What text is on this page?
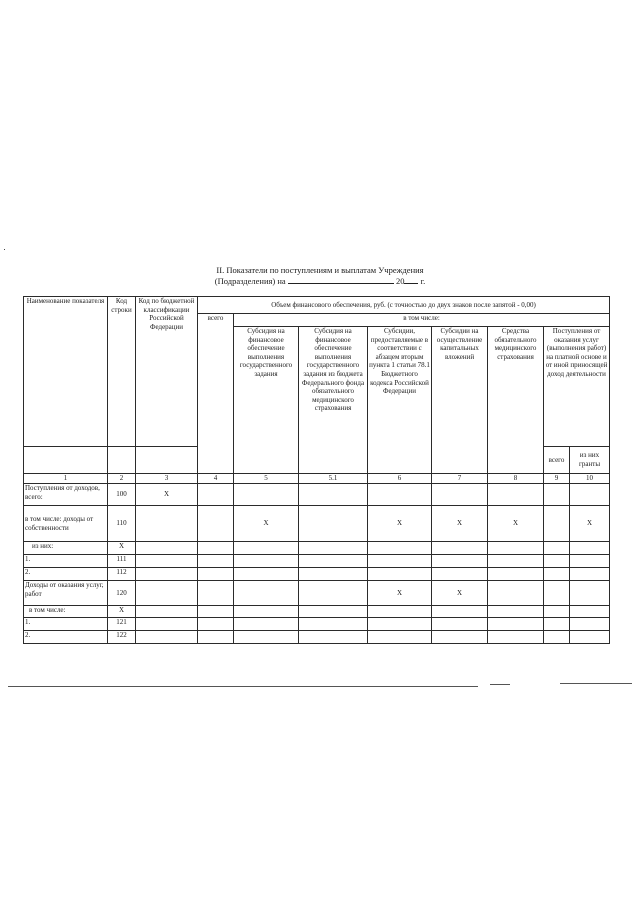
II. Показатели по поступлениям и выплатам Учреждения
(Подразделения) на	20 г.
Наименование показателя	Код строки	Код по бюджетной классификации Российской Федерации	Объем финансового обеспечения, руб. (с точностью до двух знаков после запятой - 0,00)							
			всего	в том числе:						
				Субсидия на финансовое обеспечение выполнения государственного задания	Субсидия на финансовое обеспечение выполнения государственного задания из бюджета Федерального фонда обязательного медицинского страхования	Субсидии, предоставляемые в соответствии с абзацем вторым пункта 1 статьи 78.1 Бюджетного кодекса Российской Федерации	Субсидии на осуществление капитальных вложений	Средства обязательного медицинского страхования	Поступления от оказания услуг (выполнения работ) на платной основе и от иной приносящей доход деятельности	
									всего	из них гранты
1	2	3	4	5	5.1	6	7	8	9	10
Поступления от доходов, всего:	100	X								
в том числе: доходы от собственности	110			X		X	X	X		X
из них:	X									
1.	111									
2.	112									
Доходы от оказания услуг, работ	120					X	X			
в том числе:	X									
1.	121									
2.	122									
